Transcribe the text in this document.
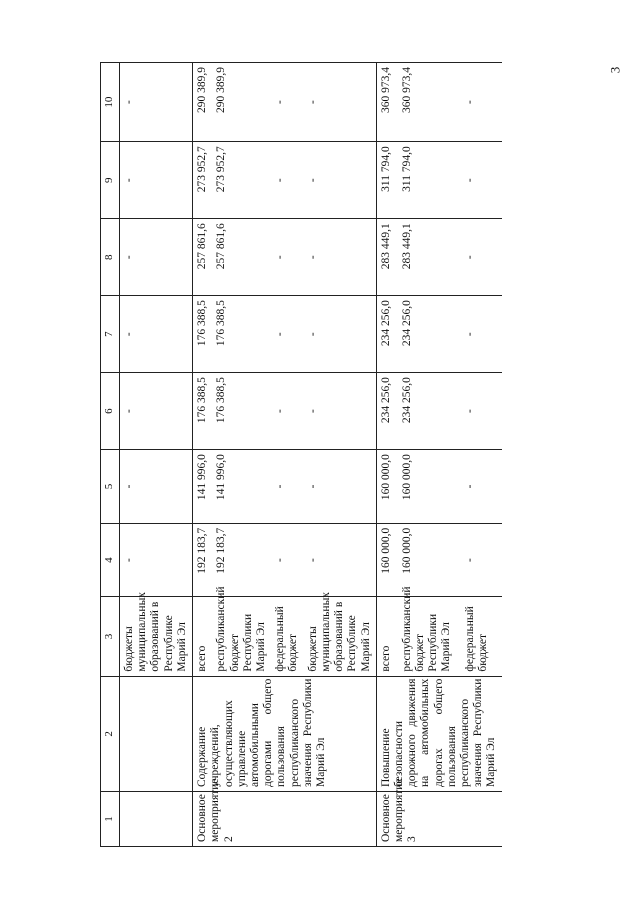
3
1	2	3	4	5	6	7	8	9	10
		бюджеты муниципальных образований в Республике Марий Эл	-	-	-	-	-	-	-
Основное мероприятие 2	Содержание учреждений, осуществляющих управление автомобильными дорогами общего пользования республиканского значения Республики Марий Эл	всего	192 183,7	141 996,0	176 388,5	176 388,5	257 861,6	273 952,7	290 389,9
		республиканский бюджет Республики Марий Эл	192 183,7	141 996,0	176 388,5	176 388,5	257 861,6	273 952,7	290 389,9
		федеральный бюджет	-	-	-	-	-	-	-
		бюджеты муниципальных образований в Республике Марий Эл	-	-	-	-	-	-	-
Основное мероприятие 3	Повышение безопасности дорожного движения на автомобильных дорогах общего пользования республиканского значения Республики Марий Эл	всего	160 000,0	160 000,0	234 256,0	234 256,0	283 449,1	311 794,0	360 973,4
		республиканский бюджет Республики Марий Эл	160 000,0	160 000,0	234 256,0	234 256,0	283 449,1	311 794,0	360 973,4
		федеральный бюджет	-	-	-	-	-	-	-
